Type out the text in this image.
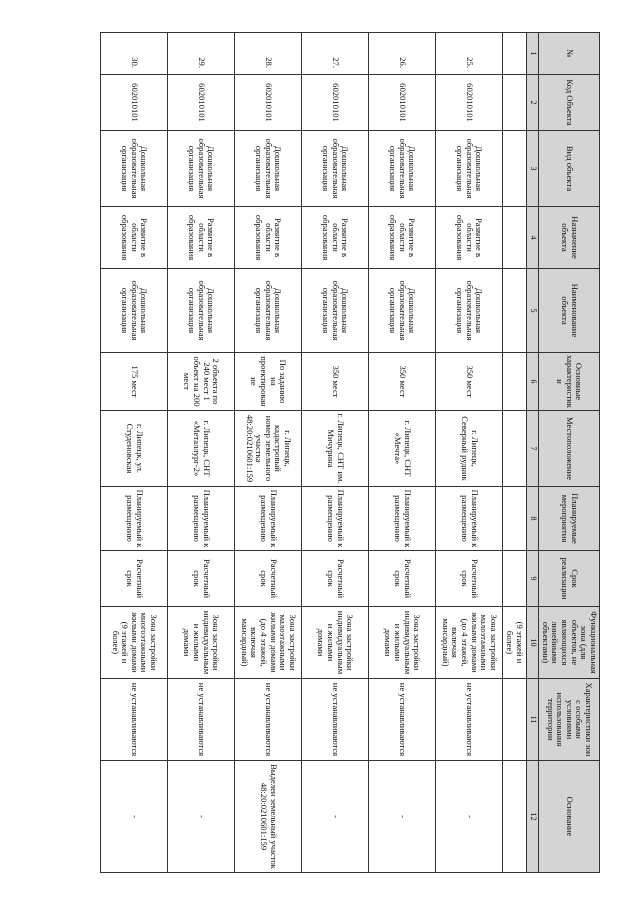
№	Код Объекта	Вид объекта	Назначение объекта	Наименование объекта	Основные характеристики	Местоположение	Планируемые мероприятия	Срок реализации	Функциональная зона (для объектов, не являющихся линейными объектами)	Характеристики зон с особыми условиями использования территории	Основание
1	2	3	4	5	6	7	8	9	10	11	12
									(9 этажей и более)		
25.	602010101	Дошкольная образовательная организация	Развитие в области образования	Дошкольная образовательная организация	350 мест	г. Липецк, Северный рудник	Планируемый к размещению	Расчетный срок	Зона застройки малоэтажными жилыми домами (до 4 этажей, включая мансардный)	не устанавливаются	-
26.	602010101	Дошкольная образовательная организация	Развитие в области образования	Дошкольная образовательная организация	350 мест	г. Липецк, СНТ «Мечта»	Планируемый к размещению	Расчетный срок	Зона застройки индивидуальными жилыми домами	не устанавливаются	-
27.	602010101	Дошкольная образовательная организация	Развитие в области образования	Дошкольная образовательная организация	350 мест	г. Липецк, СНТ им. Мичурина	Планируемый к размещению	Расчетный срок	Зона застройки индивидуальными жилыми домами	не устанавливаются	-
28.	602010101	Дошкольная образовательная организация	Развитие в области образования	Дошкольная образовательная организация	По заданию на проектирование	г. Липецк, кадастровый номер земельного участка 48:20:0210601:159	Планируемый к размещению	Расчетный срок	Зона застройки малоэтажными жилыми домами (до 4 этажей, включая мансардный)	не устанавливаются	Выделен земельный участок 48:20:0210601:159
29.	602010101	Дошкольная образовательная организация	Развитие в области образования	Дошкольная образовательная организация	2 объекта по 240 мест 1 объект на 200 мест	г. Липецк, СНТ «Металлург-2»	Планируемый к размещению	Расчетный срок	Зона застройки индивидуальными жилыми домами	не устанавливаются	-
30.	602010101	Дошкольная образовательная организация	Развитие в области образования	Дошкольная образовательная организация	175 мест	г. Липецк, ул. Студеновская	Планируемый к размещению	Расчетный срок	Зона застройки многоэтажными жилыми домами (9 этажей и более)	не устанавливаются	-
